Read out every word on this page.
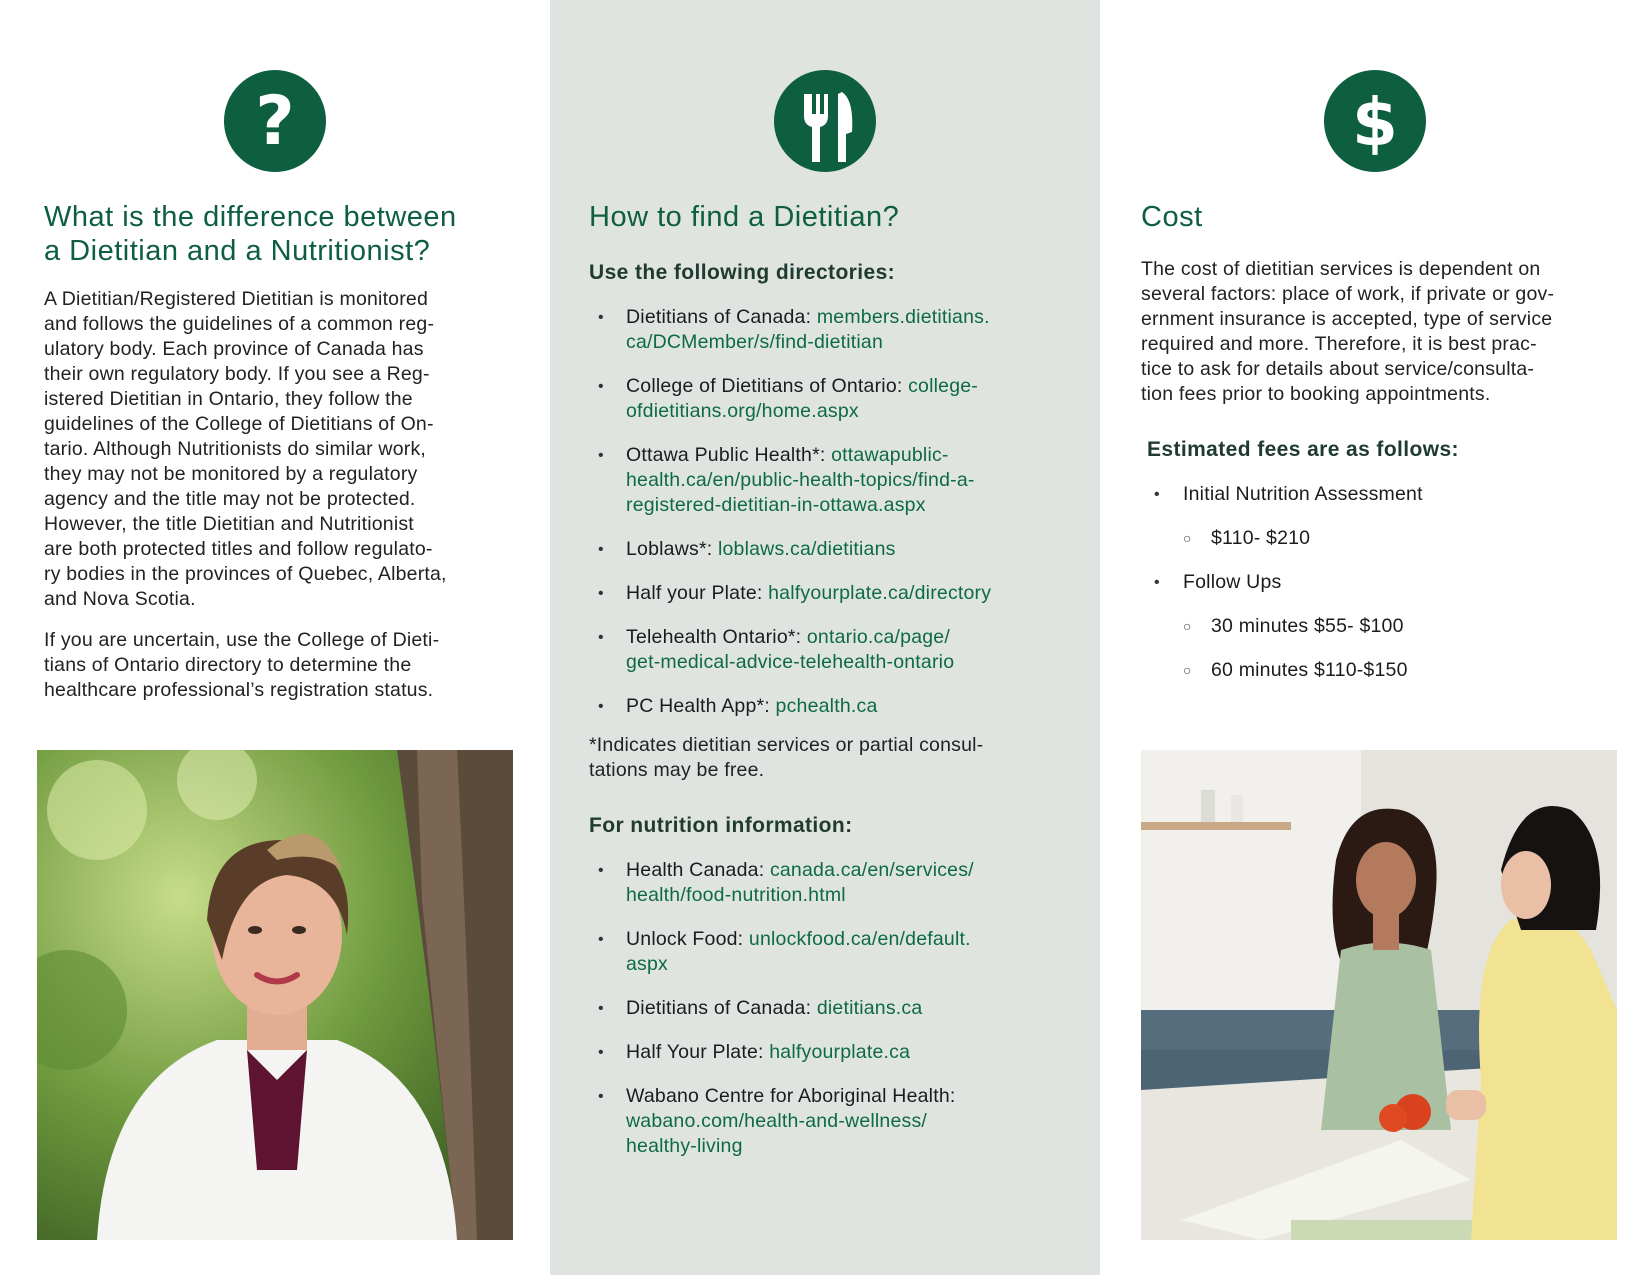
?
What is the difference between
a Dietitian and a Nutritionist?
A Dietitian/Registered Dietitian is monitored
and follows the guidelines of a common reg-
ulatory body. Each province of Canada has
their own regulatory body. If you see a Reg-
istered Dietitian in Ontario, they follow the
guidelines of the College of Dietitians of On-
tario. Although Nutritionists do similar work,
they may not be monitored by a regulatory
agency and the title may not be protected.
However, the title Dietitian and Nutritionist
are both protected titles and follow regulato-
ry bodies in the provinces of Quebec, Alberta,
and Nova Scotia.
If you are uncertain, use the College of Dieti-
tians of Ontario directory to determine the
healthcare professional’s registration status.
How to find a Dietitian?
Use the following directories:
• Dietitians of Canada: members.dietitians.
ca/DCMember/s/find-dietitian
• College of Dietitians of Ontario: college-
ofdietitians.org/home.aspx
• Ottawa Public Health*: ottawapublic-
health.ca/en/public-health-topics/find-a-
registered-dietitian-in-ottawa.aspx
• Loblaws*: loblaws.ca/dietitians
• Half your Plate: halfyourplate.ca/directory
• Telehealth Ontario*: ontario.ca/page/
get-medical-advice-telehealth-ontario
• PC Health App*: pchealth.ca
*Indicates dietitian services or partial consul-
tations may be free.
For nutrition information:
• Health Canada: canada.ca/en/services/
health/food-nutrition.html
• Unlock Food: unlockfood.ca/en/default.
aspx
• Dietitians of Canada: dietitians.ca
• Half Your Plate: halfyourplate.ca
• Wabano Centre for Aboriginal Health:
wabano.com/health-and-wellness/
healthy-living
$
Cost
The cost of dietitian services is dependent on
several factors: place of work, if private or gov-
ernment insurance is accepted, type of service
required and more. Therefore, it is best prac-
tice to ask for details about service/consulta-
tion fees prior to booking appointments.
Estimated fees are as follows:
• Initial Nutrition Assessment
○ $110- $210
• Follow Ups
○ 30 minutes $55- $100
○ 60 minutes $110-$150
